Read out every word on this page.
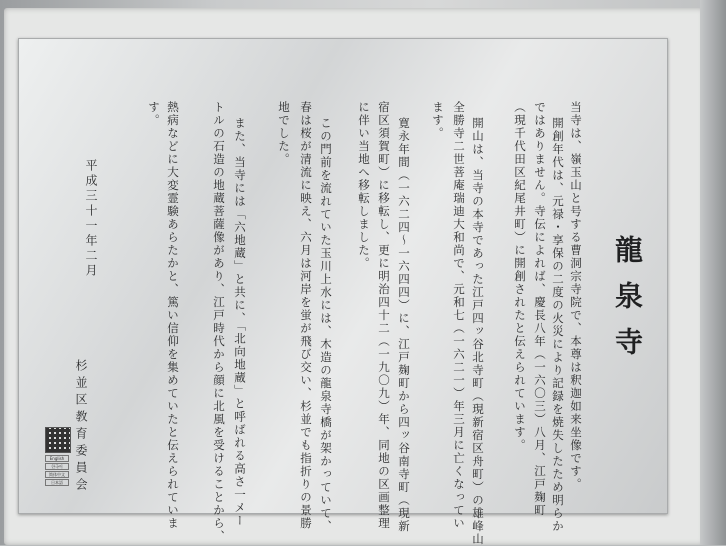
龍泉寺
当寺は、嶺玉山と号する曹洞宗寺院で、本尊は釈迦如来坐像です。
開創年代は、元禄・享保の二度の火災により記録を焼失したため明らか
ではありません。寺伝によれば、慶長八年（一六〇三）八月、江戸麹町
（現千代田区紀尾井町）に開創されたと伝えられています。
開山は、当寺の本寺であった江戸四ッ谷北寺町（現新宿区舟町）の雄峰山
全勝寺二世菩庵瑞迪大和尚で、元和七（一六二一）年三月に亡くなってい
ます。
寛永年間（一六二四〜一六四四）に、江戸麹町から四ッ谷南寺町（現新
宿区須賀町）に移転し、更に明治四十二（一九〇九）年、同地の区画整理
に伴い当地へ移転しました。
この門前を流れていた玉川上水には、木造の龍泉寺橋が架かっていて、
春は桜が清流に映え、六月は河岸を蛍が飛び交い、杉並でも指折りの景勝
地でした。
また、当寺には「六地蔵」と共に、「北向地蔵」と呼ばれる高さ一メー
トルの石造の地蔵菩薩像があり、江戸時代から顔に北風を受けることから、
熱病などに大変霊験あらたかと、篤い信仰を集めていたと伝えられていま
す。
平成三十一年二月
杉並区教育委員会
English
한국어
简体中文
日本語
